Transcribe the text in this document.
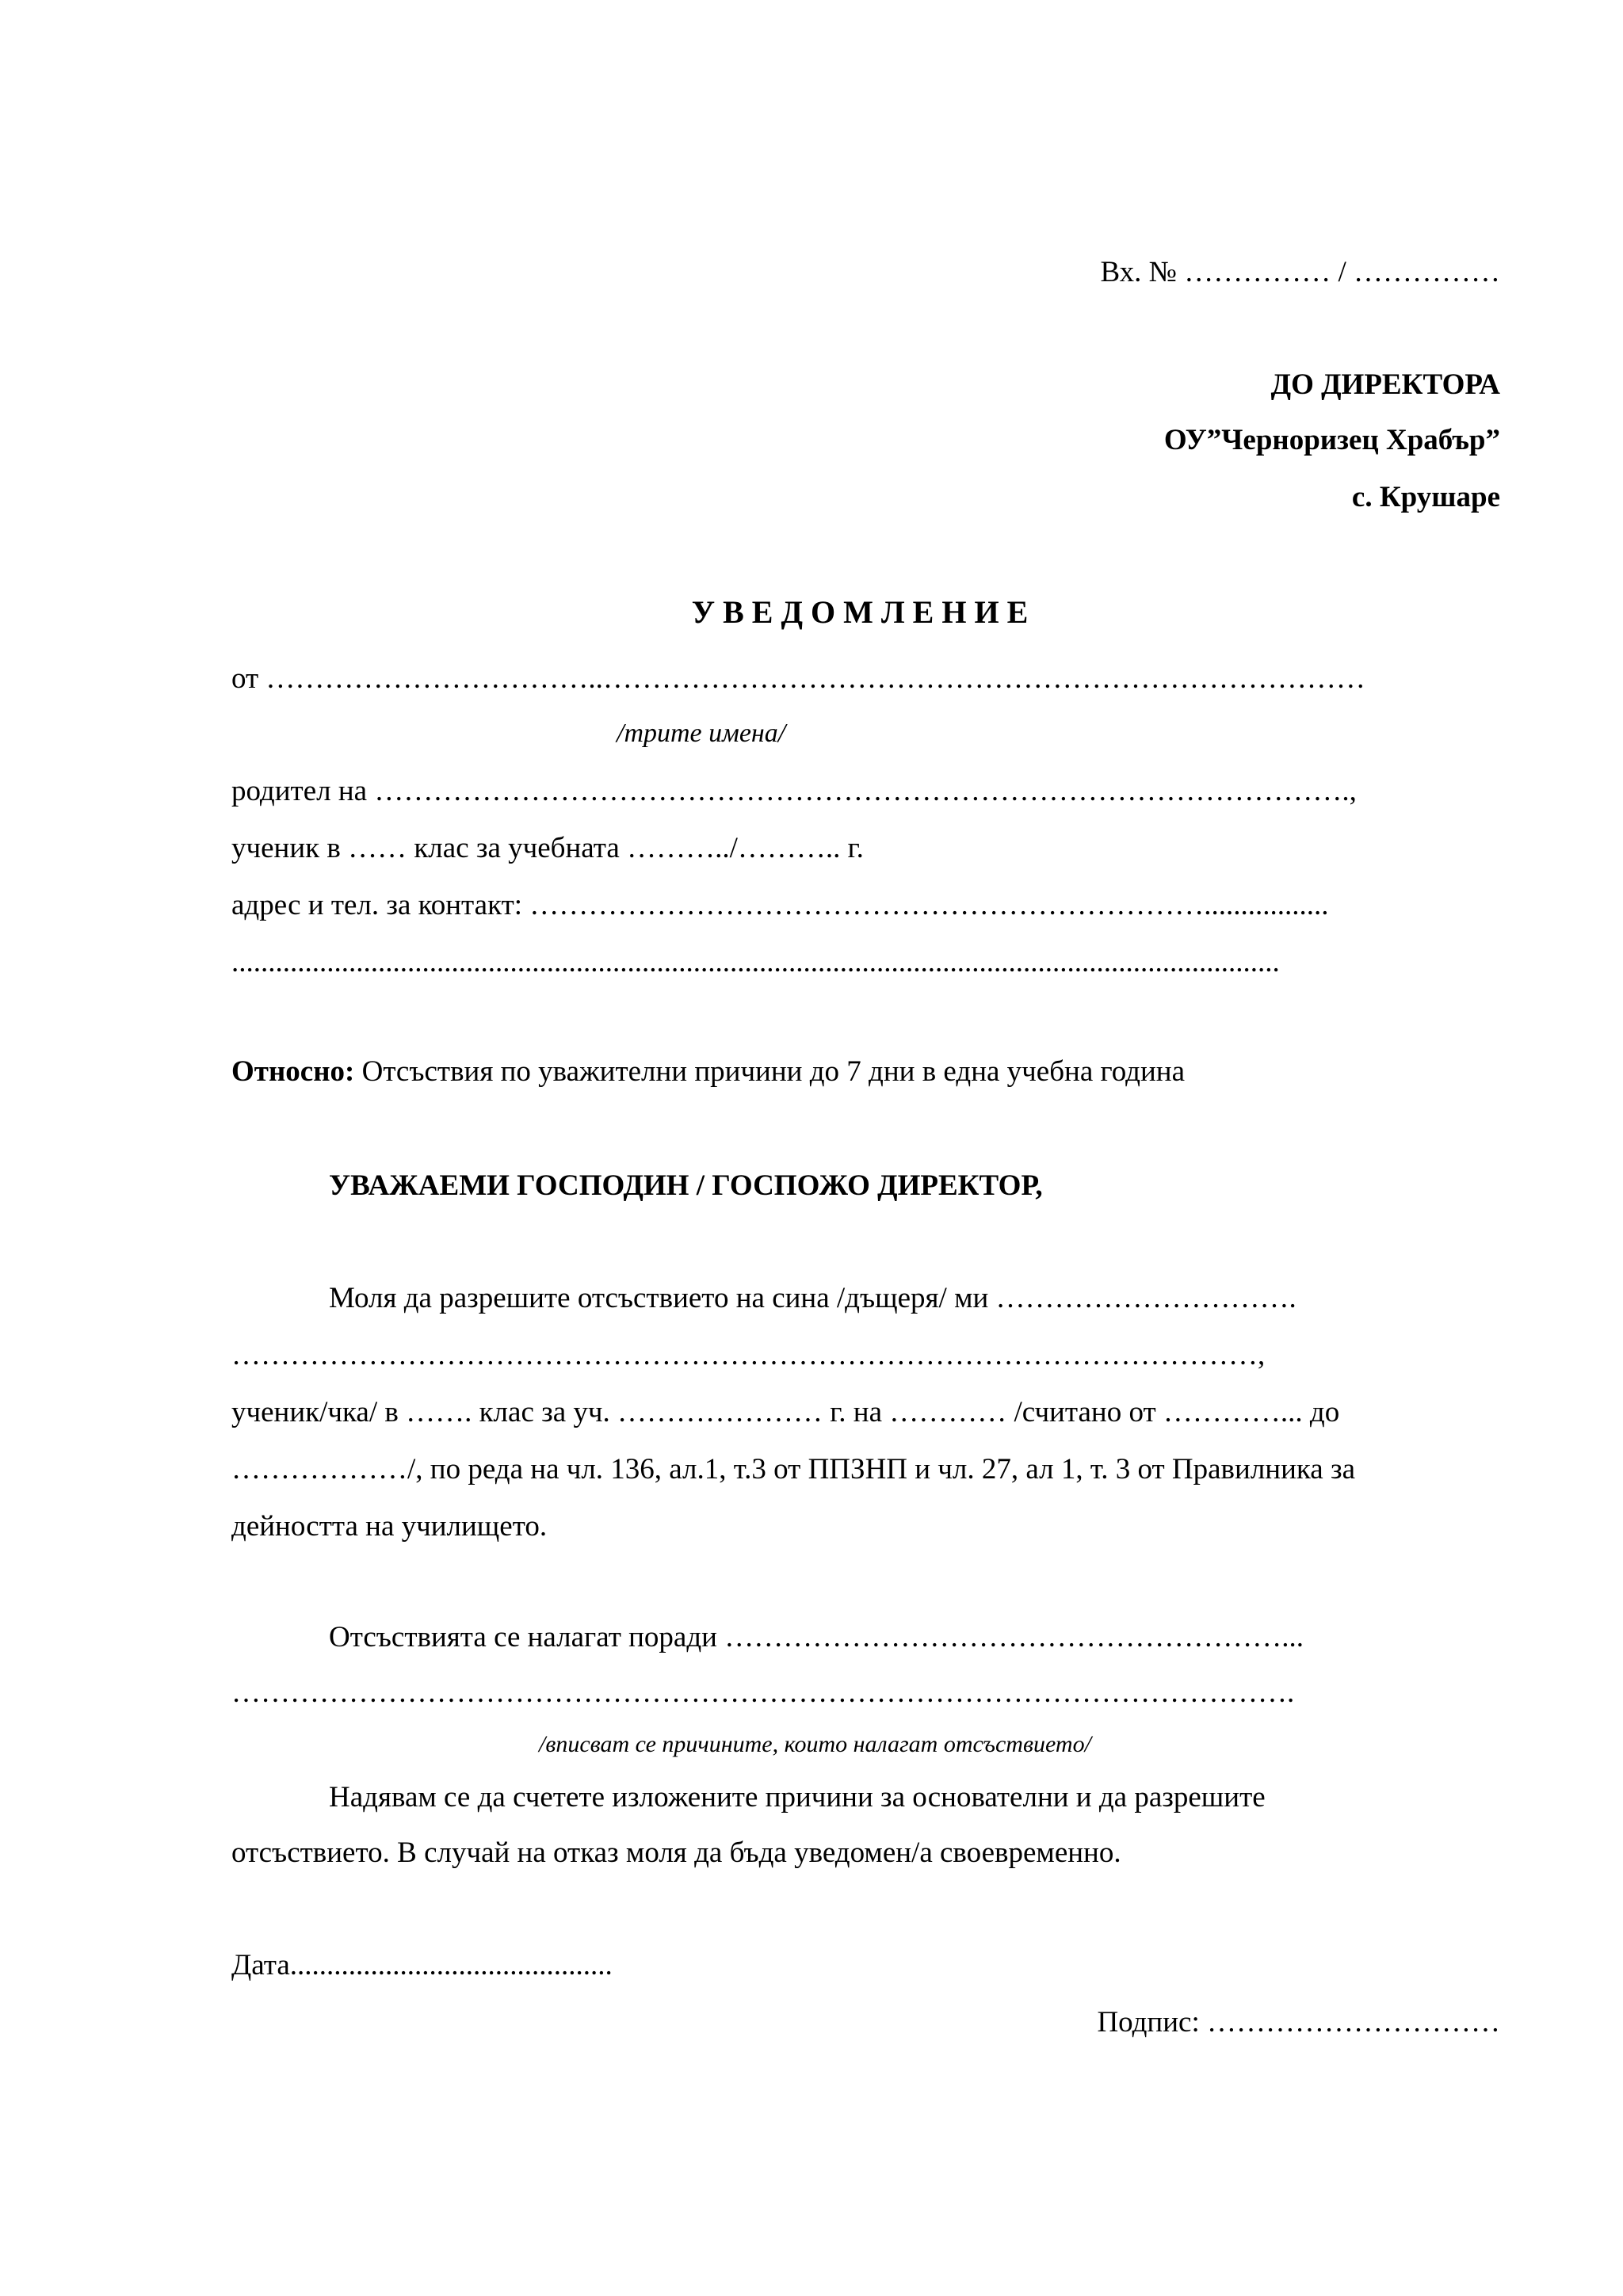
Вх. № …………… / ……………
ДО ДИРЕКТОРА
ОУ”Черноризец Храбър”
с. Крушаре
У В Е Д О М Л Е Н И Е
от ……………………………..……………………………………………………………………
/трите имена/
родител на ……………………………………………………………………………………….,
ученик в …… клас за учебната ………../……….. г.
адрес и тел. за контакт: …………………………………………………………….................
...............................................................................................................................................
Относно: Отсъствия по уважителни причини до 7 дни в една учебна година
УВАЖАЕМИ ГОСПОДИН / ГОСПОЖО ДИРЕКТОР,
Моля да разрешите отсъствието на сина /дъщеря/ ми ………………………….
……………………………………………………………………………………………,
ученик/чка/ в ……. клас за уч. ………………… г. на ………… /считано от …………... до
………………/, по реда на чл. 136, ал.1, т.3 от ППЗНП и чл. 27, ал 1, т. 3 от Правилника за
дейността на училището.
Отсъствията се налагат поради …………………………………………………...
……………………………………………………………………………………………….
/вписват се причините, които налагат отсъствието/
Надявам се да счетете изложените причини за основателни и да разрешите
отсъствието. В случай на отказ моля да бъда уведомен/а своевременно.
Дата............................................
Подпис: …………………………
